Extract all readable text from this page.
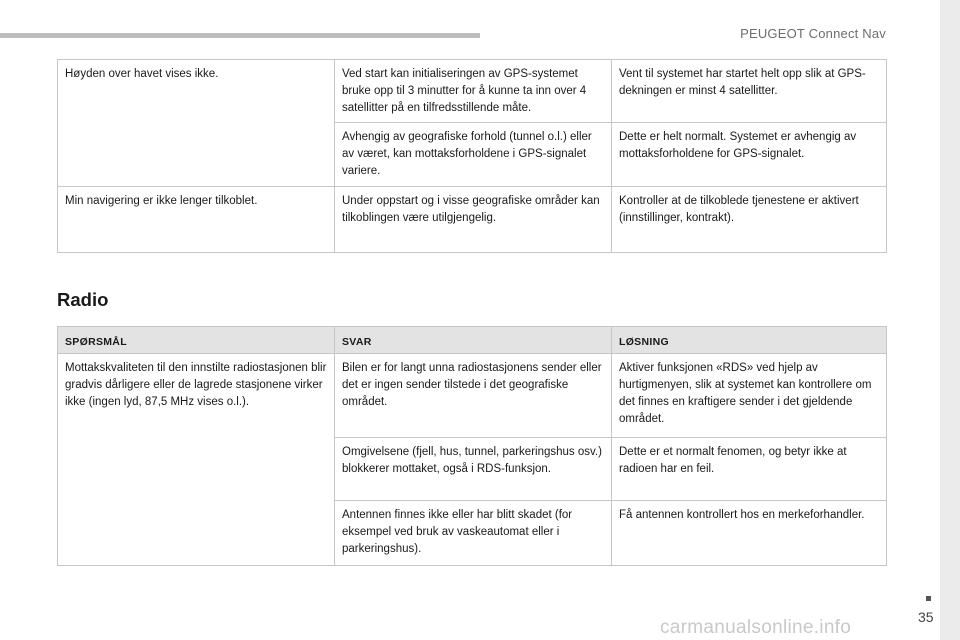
PEUGEOT Connect Nav
Høyden over havet vises ikke.	Ved start kan initialiseringen av GPS-systemet bruke opp til 3 minutter for å kunne ta inn over 4 satellitter på en tilfredsstillende måte.	Vent til systemet har startet helt opp slik at GPS-dekningen er minst 4 satellitter.
	Avhengig av geografiske forhold (tunnel o.l.) eller av været, kan mottaksforholdene i GPS-signalet variere.	Dette er helt normalt. Systemet er avhengig av mottaksforholdene for GPS-signalet.
Min navigering er ikke lenger tilkoblet.	Under oppstart og i visse geografiske områder kan tilkoblingen være utilgjengelig.	Kontroller at de tilkoblede tjenestene er aktivert (innstillinger, kontrakt).
Radio
SPØRSMÅL	SVAR	LØSNING
Mottakskvaliteten til den innstilte radiostasjonen blir gradvis dårligere eller de lagrede stasjonene virker ikke (ingen lyd, 87,5 MHz vises o.l.).	Bilen er for langt unna radiostasjonens sender eller det er ingen sender tilstede i det geografiske området.	Aktiver funksjonen «RDS» ved hjelp av hurtigmenyen, slik at systemet kan kontrollere om det finnes en kraftigere sender i det gjeldende området.
	Omgivelsene (fjell, hus, tunnel, parkeringshus osv.) blokkerer mottaket, også i RDS-funksjon.	Dette er et normalt fenomen, og betyr ikke at radioen har en feil.
	Antennen finnes ikke eller har blitt skadet (for eksempel ved bruk av vaskeautomat eller i parkeringshus).	Få antennen kontrollert hos en merkeforhandler.
35
carmanualsonline.info
